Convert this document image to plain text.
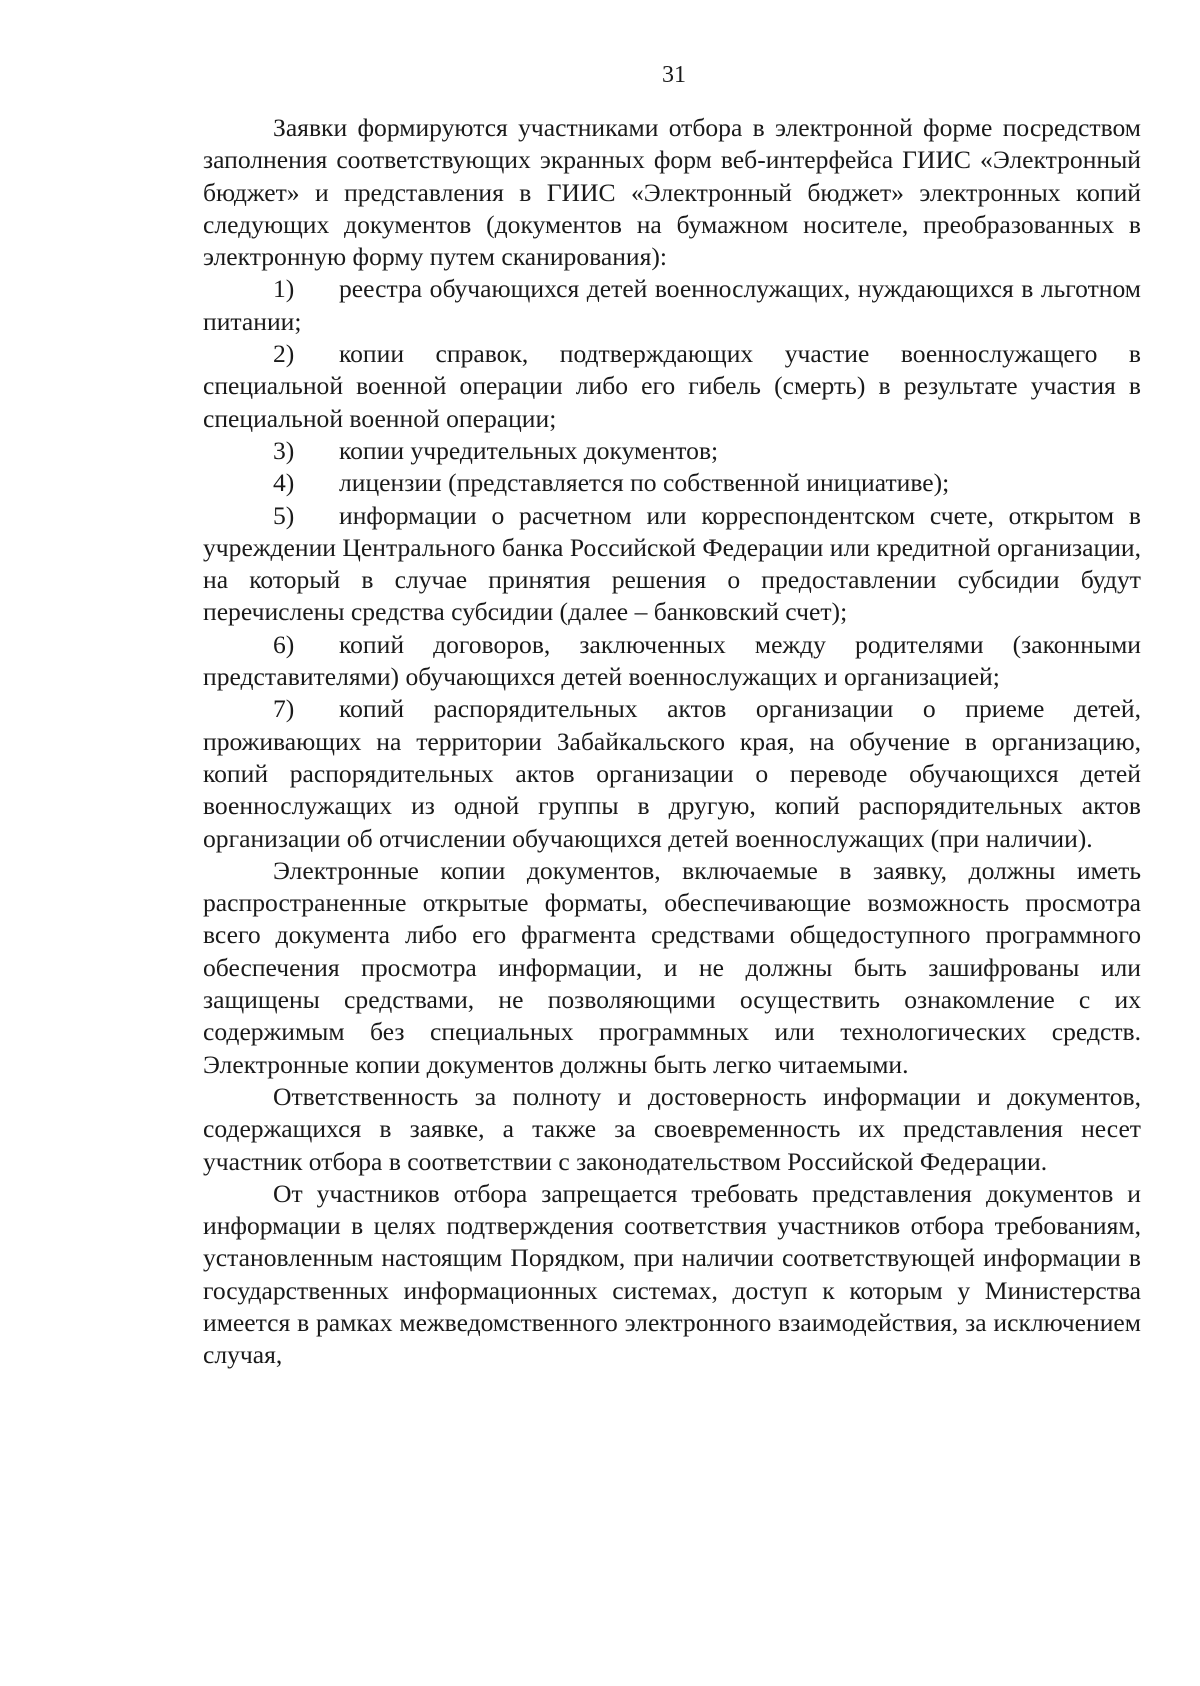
31

Заявки формируются участниками отбора в электронной форме посредством заполнения соответствующих экранных форм веб-интерфейса ГИИС «Электронный бюджет» и представления в ГИИС «Электронный бюджет» электронных копий следующих документов (документов на бумажном носителе, преобразованных в электронную форму путем сканирования):

1) реестра обучающихся детей военнослужащих, нуждающихся в льготном питании;

2) копии справок, подтверждающих участие военнослужащего в специальной военной операции либо его гибель (смерть) в результате участия в специальной военной операции;

3) копии учредительных документов;

4) лицензии (представляется по собственной инициативе);

5) информации о расчетном или корреспондентском счете, открытом в учреждении Центрального банка Российской Федерации или кредитной организации, на который в случае принятия решения о предоставлении субсидии будут перечислены средства субсидии (далее – банковский счет);

6) копий договоров, заключенных между родителями (законными представителями) обучающихся детей военнослужащих и организацией;

7) копий распорядительных актов организации о приеме детей, проживающих на территории Забайкальского края, на обучение в организацию, копий распорядительных актов организации о переводе обучающихся детей военнослужащих из одной группы в другую, копий распорядительных актов организации об отчислении обучающихся детей военнослужащих (при наличии).

Электронные копии документов, включаемые в заявку, должны иметь распространенные открытые форматы, обеспечивающие возможность просмотра всего документа либо его фрагмента средствами общедоступного программного обеспечения просмотра информации, и не должны быть зашифрованы или защищены средствами, не позволяющими осуществить ознакомление с их содержимым без специальных программных или технологических средств. Электронные копии документов должны быть легко читаемыми.

Ответственность за полноту и достоверность информации и документов, содержащихся в заявке, а также за своевременность их представления несет участник отбора в соответствии с законодательством Российской Федерации.

От участников отбора запрещается требовать представления документов и информации в целях подтверждения соответствия участников отбора требованиям, установленным настоящим Порядком, при наличии соответствующей информации в государственных информационных системах, доступ к которым у Министерства имеется в рамках межведомственного электронного взаимодействия, за исключением случая,
